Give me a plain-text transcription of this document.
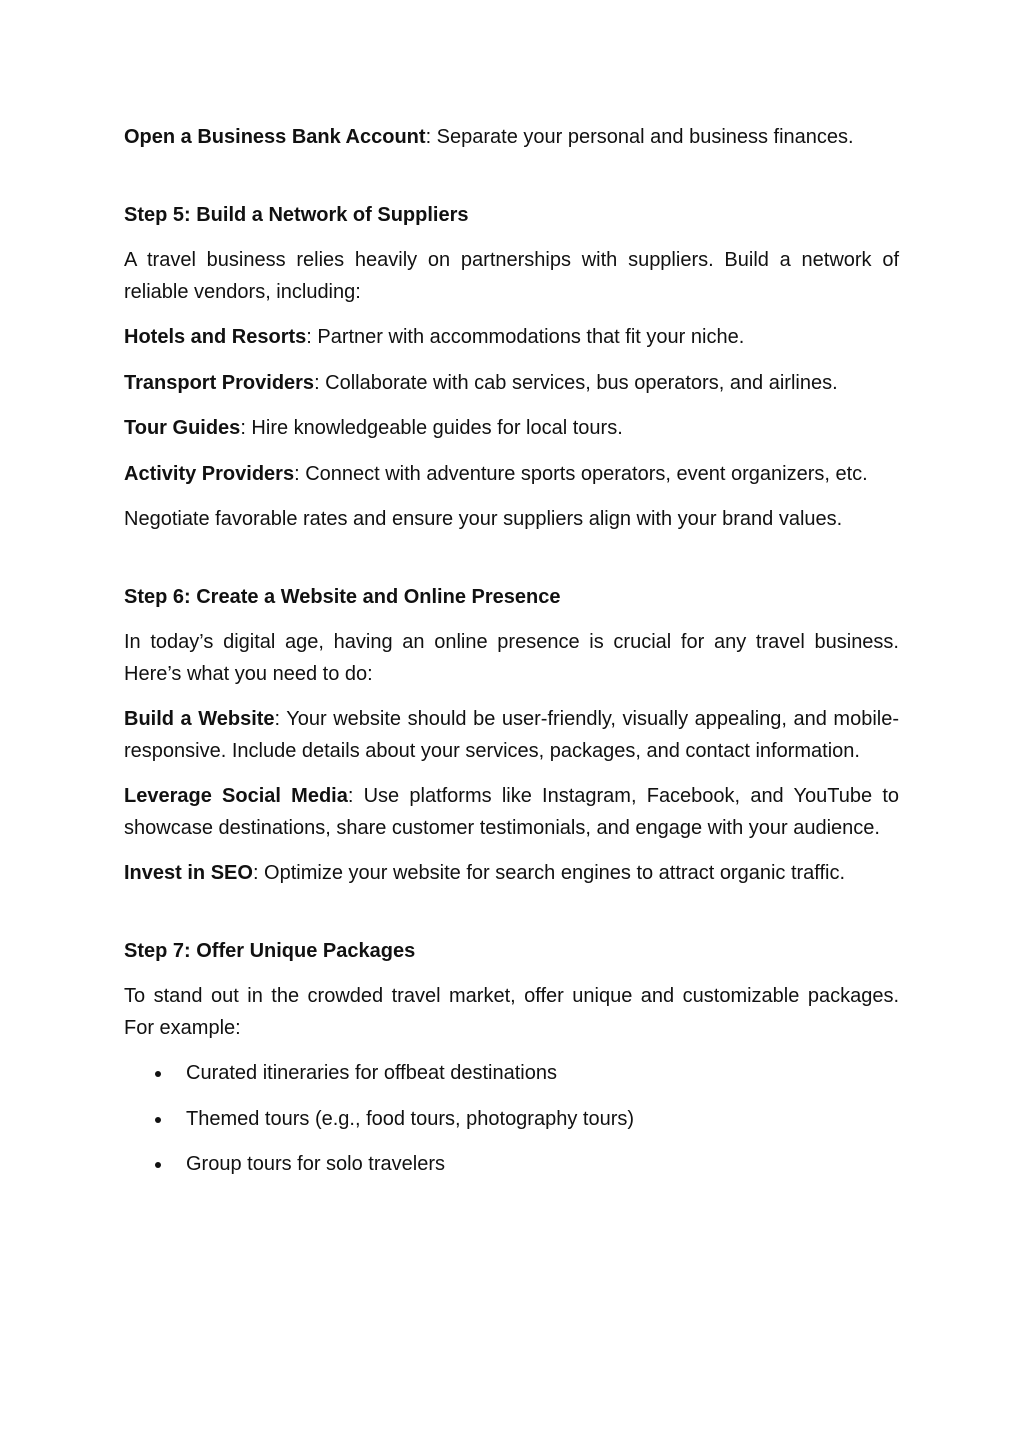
Open a Business Bank Account: Separate your personal and business finances.

Step 5: Build a Network of Suppliers

A travel business relies heavily on partnerships with suppliers. Build a network of reliable vendors, including:

Hotels and Resorts: Partner with accommodations that fit your niche.

Transport Providers: Collaborate with cab services, bus operators, and airlines.

Tour Guides: Hire knowledgeable guides for local tours.

Activity Providers: Connect with adventure sports operators, event organizers, etc.

Negotiate favorable rates and ensure your suppliers align with your brand values.

Step 6: Create a Website and Online Presence

In today’s digital age, having an online presence is crucial for any travel business. Here’s what you need to do:

Build a Website: Your website should be user-friendly, visually appealing, and mobile-responsive. Include details about your services, packages, and contact information.

Leverage Social Media: Use platforms like Instagram, Facebook, and YouTube to showcase destinations, share customer testimonials, and engage with your audience.

Invest in SEO: Optimize your website for search engines to attract organic traffic.

Step 7: Offer Unique Packages

To stand out in the crowded travel market, offer unique and customizable packages. For example:

Curated itineraries for offbeat destinations
Themed tours (e.g., food tours, photography tours)
Group tours for solo travelers
